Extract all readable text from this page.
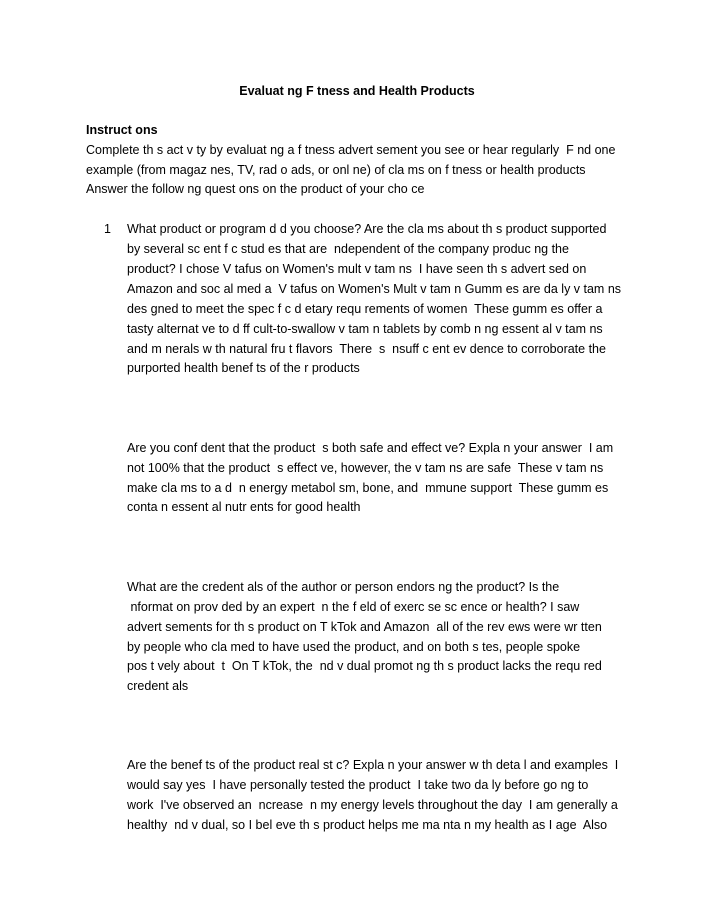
Evaluat ng F tness and Health Products
Instruct ons
Complete th s act v ty by evaluat ng a f tness advert sement you see or hear regularly  F nd one
example (from magaz nes, TV, rad o ads, or onl ne) of cla ms on f tness or health products
Answer the follow ng quest ons on the product of your cho ce
1 What product or program d d you choose? Are the cla ms about th s product supported
by several sc ent f c stud es that are  ndependent of the company produc ng the
product? I chose V tafus on Women's mult v tam ns  I have seen th s advert sed on
Amazon and soc al med a  V tafus on Women's Mult v tam n Gumm es are da ly v tam ns
des gned to meet the spec f c d etary requ rements of women  These gumm es offer a
tasty alternat ve to d ff cult-to-swallow v tam n tablets by comb n ng essent al v tam ns
and m nerals w th natural fru t flavors  There  s  nsuff c ent ev dence to corroborate the
purported health benef ts of the r products
Are you conf dent that the product  s both safe and effect ve? Expla n your answer  I am
not 100% that the product  s effect ve, however, the v tam ns are safe  These v tam ns
make cla ms to a d  n energy metabol sm, bone, and  mmune support  These gumm es
conta n essent al nutr ents for good health
What are the credent als of the author or person endors ng the product? Is the
nformat on prov ded by an expert  n the f eld of exerc se sc ence or health? I saw
advert sements for th s product on T kTok and Amazon  all of the rev ews were wr tten
by people who cla med to have used the product, and on both s tes, people spoke
pos t vely about  t  On T kTok, the  nd v dual promot ng th s product lacks the requ red
credent als
Are the benef ts of the product real st c? Expla n your answer w th deta l and examples  I
would say yes  I have personally tested the product  I take two da ly before go ng to
work  I've observed an  ncrease  n my energy levels throughout the day  I am generally a
healthy  nd v dual, so I bel eve th s product helps me ma nta n my health as I age  Also
